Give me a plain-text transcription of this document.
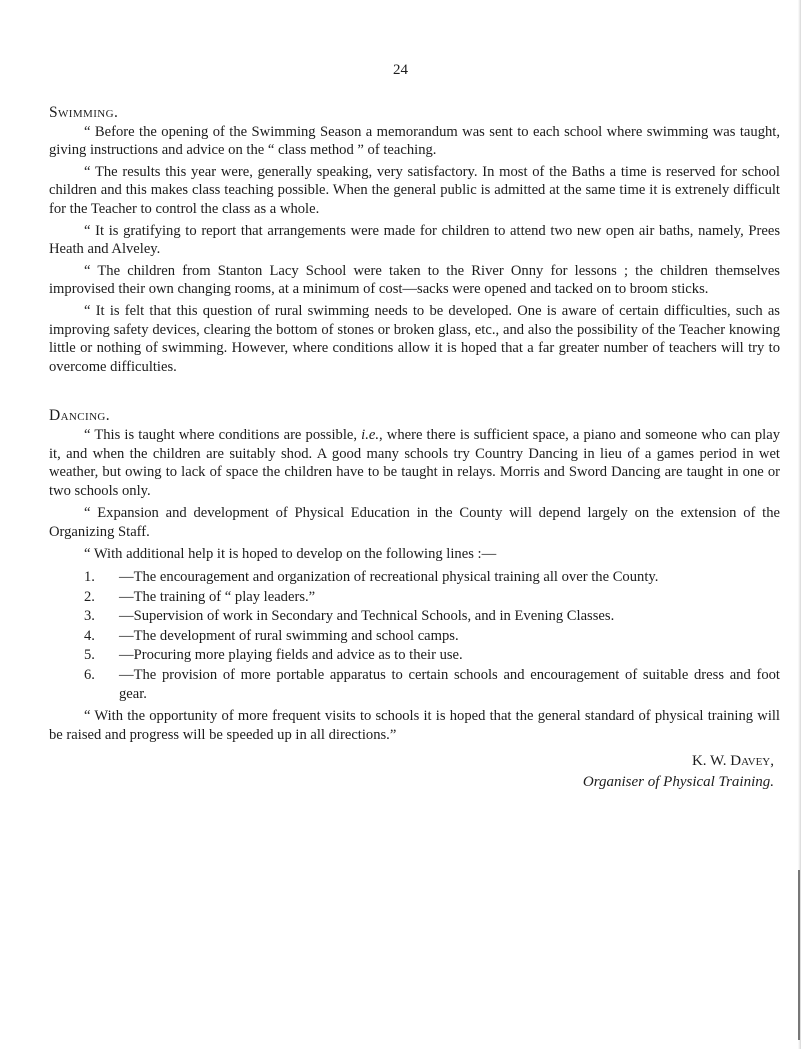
24
Swimming.

“ Before the opening of the Swimming Season a memorandum was sent to each school where swimming was taught, giving instructions and advice on the “ class method ” of teaching.

“ The results this year were, generally speaking, very satisfactory. In most of the Baths a time is reserved for school children and this makes class teaching possible. When the general public is admitted at the same time it is extrenely difficult for the Teacher to control the class as a whole.

“ It is gratifying to report that arrangements were made for children to attend two new open air baths, namely, Prees Heath and Alveley.

“ The children from Stanton Lacy School were taken to the River Onny for lessons ; the children themselves improvised their own changing rooms, at a minimum of cost—sacks were opened and tacked on to broom sticks.

“ It is felt that this question of rural swimming needs to be developed. One is aware of certain difficulties, such as improving safety devices, clearing the bottom of stones or broken glass, etc., and also the possibility of the Teacher knowing little or nothing of swimming. However, where conditions allow it is hoped that a far greater number of teachers will try to overcome difficulties.

Dancing.

“ This is taught where conditions are possible, i.e., where there is sufficient space, a piano and someone who can play it, and when the children are suitably shod. A good many schools try Country Dancing in lieu of a games period in wet weather, but owing to lack of space the children have to be taught in relays. Morris and Sword Dancing are taught in one or two schools only.

“ Expansion and development of Physical Education in the County will depend largely on the extension of the Organizing Staff.

“ With additional help it is hoped to develop on the following lines :—

1. —The encouragement and organization of recreational physical training all over the County.
2. —The training of “ play leaders.”
3. —Supervision of work in Secondary and Technical Schools, and in Evening Classes.
4. —The development of rural swimming and school camps.
5. —Procuring more playing fields and advice as to their use.
6. —The provision of more portable apparatus to certain schools and encouragement of suitable dress and foot gear.

“ With the opportunity of more frequent visits to schools it is hoped that the general standard of physical training will be raised and progress will be speeded up in all directions.”

K. W. Davey,
Organiser of Physical Training.
